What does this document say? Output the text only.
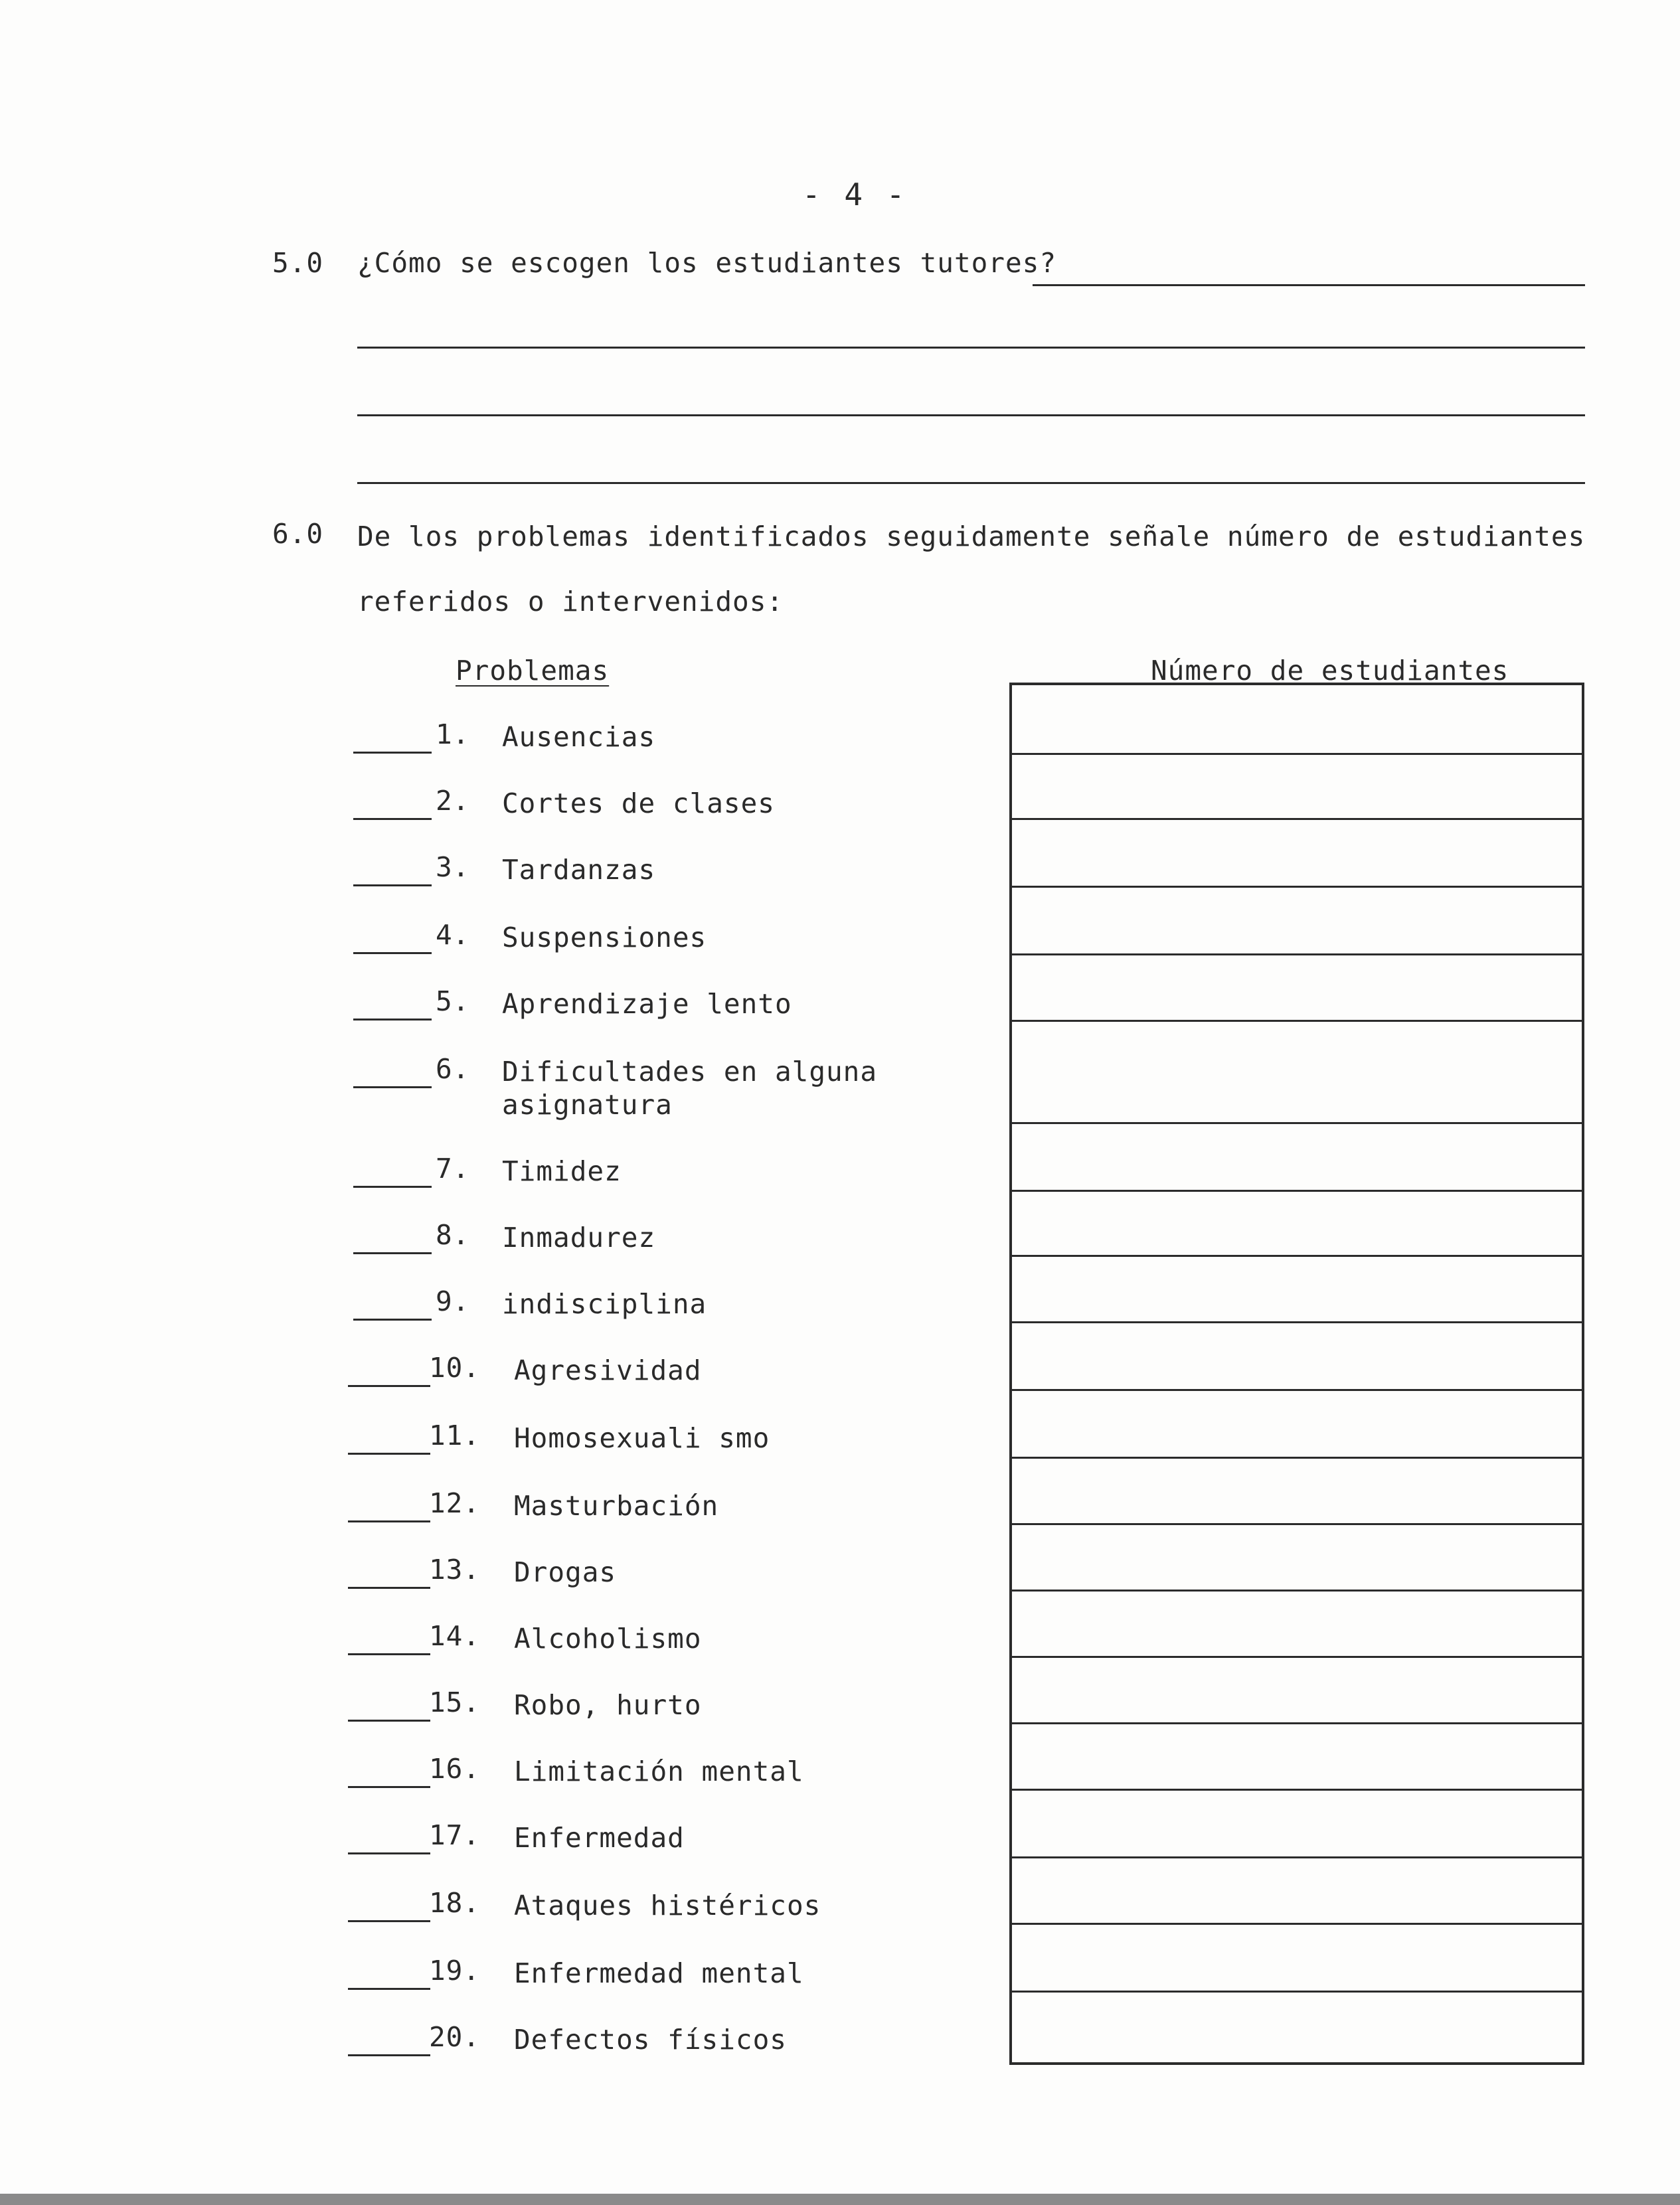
- 4 -
5.0 ¿Cómo se escogen los estudiantes tutores?
6.0 De los problemas identificados seguidamente señale número de estudiantes
referidos o intervenidos:
Problemas	Número de estudiantes
1. Ausencias
2. Cortes de clases
3. Tardanzas
4. Suspensiones
5. Aprendizaje lento
6. Dificultades en alguna
asignatura
7. Timidez
8. Inmadurez
9. indisciplina
10. Agresividad
11. Homosexuali smo
12. Masturbación
13. Drogas
14. Alcoholismo
15. Robo, hurto
16. Limitación mental
17. Enfermedad
18. Ataques histéricos
19. Enfermedad mental
20. Defectos físicos
